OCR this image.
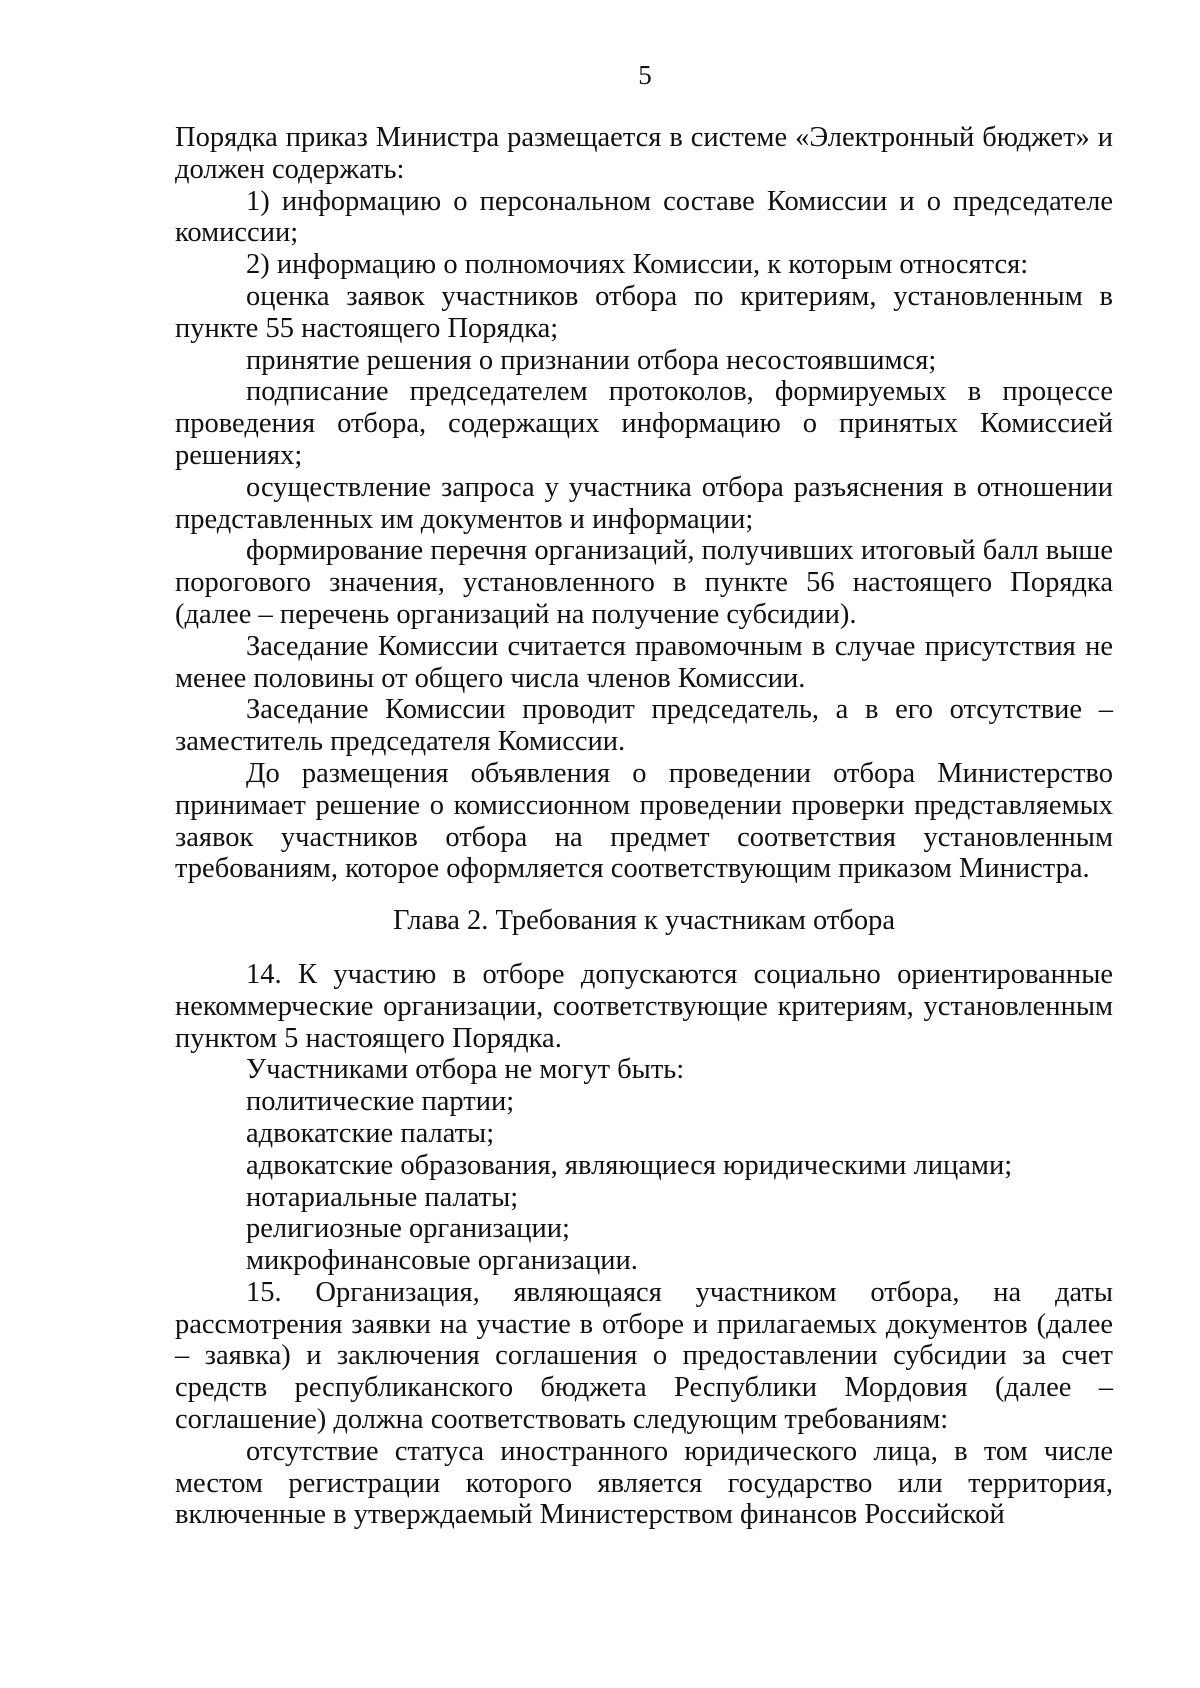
5

Порядка приказ Министра размещается в системе «Электронный бюджет» и должен содержать:

1) информацию о персональном составе Комиссии и о председателе комиссии;

2) информацию о полномочиях Комиссии, к которым относятся:

оценка заявок участников отбора по критериям, установленным в пункте 55 настоящего Порядка;

принятие решения о признании отбора несостоявшимся;

подписание председателем протоколов, формируемых в процессе проведения отбора, содержащих информацию о принятых Комиссией решениях;

осуществление запроса у участника отбора разъяснения в отношении представленных им документов и информации;

формирование перечня организаций, получивших итоговый балл выше порогового значения, установленного в пункте 56 настоящего Порядка (далее – перечень организаций на получение субсидии).

Заседание Комиссии считается правомочным в случае присутствия не менее половины от общего числа членов Комиссии.

Заседание Комиссии проводит председатель, а в его отсутствие – заместитель председателя Комиссии.

До размещения объявления о проведении отбора Министерство принимает решение о комиссионном проведении проверки представляемых заявок участников отбора на предмет соответствия установленным требованиям, которое оформляется соответствующим приказом Министра.

Глава 2. Требования к участникам отбора

14. К участию в отборе допускаются социально ориентированные некоммерческие организации, соответствующие критериям, установленным пунктом 5 настоящего Порядка.

Участниками отбора не могут быть:

политические партии;

адвокатские палаты;

адвокатские образования, являющиеся юридическими лицами;

нотариальные палаты;

религиозные организации;

микрофинансовые организации.

15. Организация, являющаяся участником отбора, на даты рассмотрения заявки на участие в отборе и прилагаемых документов (далее – заявка) и заключения соглашения о предоставлении субсидии за счет средств республиканского бюджета Республики Мордовия (далее – соглашение) должна соответствовать следующим требованиям:

отсутствие статуса иностранного юридического лица, в том числе местом регистрации которого является государство или территория, включенные в утверждаемый Министерством финансов Российской
